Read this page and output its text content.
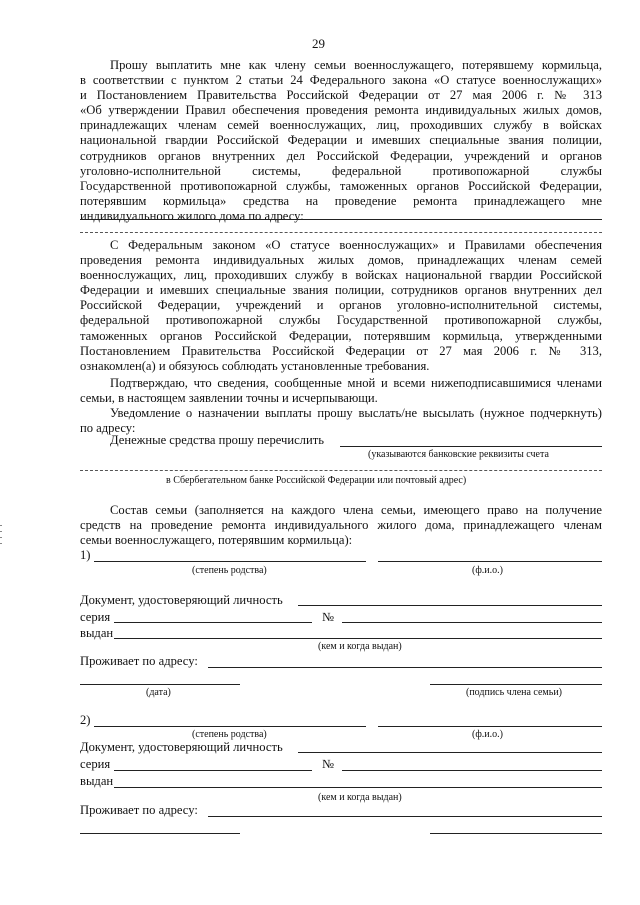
29
Прошу выплатить мне как члену семьи военнослужащего, потерявшему кормильца,
в соответствии с пунктом 2 статьи 24 Федерального закона «О статусе военнослужащих»
и Постановлением Правительства Российской Федерации от 27 мая 2006 г. № 313
«Об утверждении Правил обеспечения проведения ремонта индивидуальных жилых домов,
принадлежащих членам семей военнослужащих, лиц, проходивших службу в войсках
национальной гвардии Российской Федерации и имевших специальные звания полиции,
сотрудников органов внутренних дел Российской Федерации, учреждений и органов
уголовно-исполнительной системы, федеральной противопожарной службы
Государственной противопожарной службы, таможенных органов Российской Федерации,
потерявшим кормильца» средства на проведение ремонта принадлежащего мне
индивидуального жилого дома по адресу:
С Федеральным законом «О статусе военнослужащих» и Правилами обеспечения
проведения ремонта индивидуальных жилых домов, принадлежащих членам семей
военнослужащих, лиц, проходивших службу в войсках национальной гвардии Российской
Федерации и имевших специальные звания полиции, сотрудников органов внутренних дел
Российской Федерации, учреждений и органов уголовно-исполнительной системы,
федеральной противопожарной службы Государственной противопожарной службы,
таможенных органов Российской Федерации, потерявшим кормильца, утвержденными
Постановлением Правительства Российской Федерации от 27 мая 2006 г. № 313,
ознакомлен(а) и обязуюсь соблюдать установленные требования.
Подтверждаю, что сведения, сообщенные мной и всеми нижеподписавшимися членами
семьи, в настоящем заявлении точны и исчерпывающи.
Уведомление о назначении выплаты прошу выслать/не высылать (нужное подчеркнуть)
по адресу:
Денежные средства прошу перечислить
(указываются банковские реквизиты счета
в Сбербегательном банке Российской Федерации или почтовый адрес)
Состав семьи (заполняется на каждого члена семьи, имеющего право на получение
средств на проведение ремонта индивидуального жилого дома, принадлежащего членам
семьи военнослужащего, потерявшим кормильца):
1)
(степень родства)	(ф.и.о.)
Документ, удостоверяющий личность
серия	№
выдан
(кем и когда выдан)
Проживает по адресу:
(дата)	(подпись члена семьи)
2)
(степень родства)	(ф.и.о.)
Документ, удостоверяющий личность
серия	№
выдан
(кем и когда выдан)
Проживает по адресу:
